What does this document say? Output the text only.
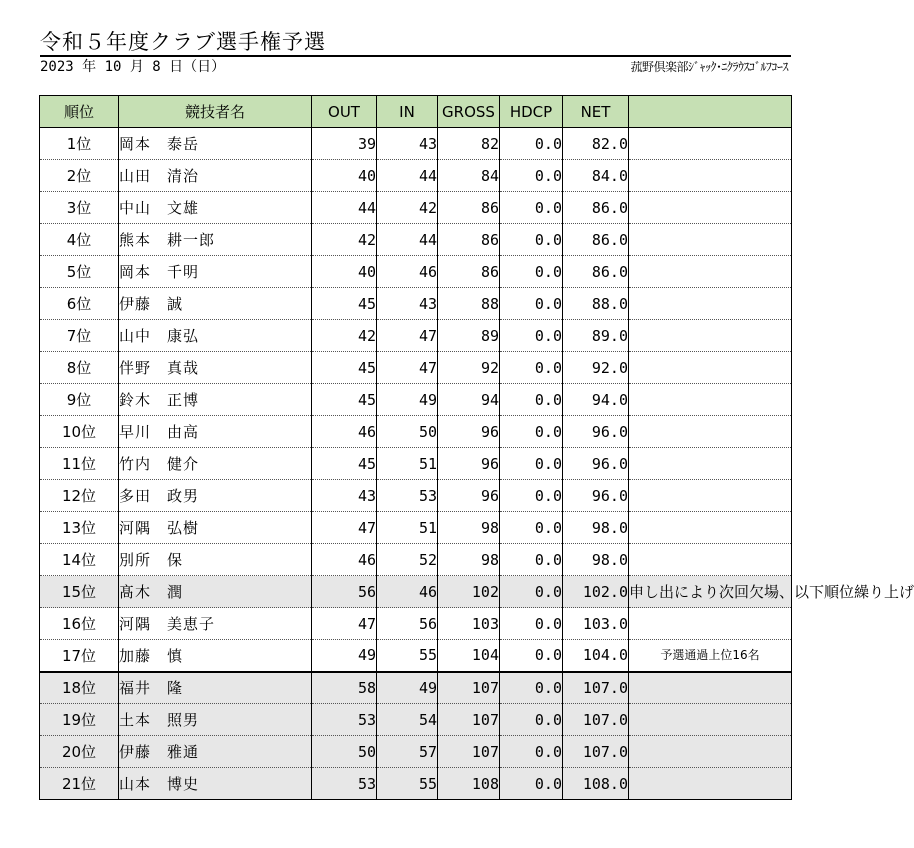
令和５年度クラブ選手権予選
2023 年 10 月 8 日（日）	菰野倶楽部ｼﾞｬｯｸ･ﾆｸﾗｳｽｺﾞﾙﾌｺｰｽ
順位	競技者名	OUT	IN	GROSS	HDCP	NET	
1位	岡本　泰岳	39	43	82	0.0	82.0	
2位	山田　清治	40	44	84	0.0	84.0	
3位	中山　文雄	44	42	86	0.0	86.0	
4位	熊本　耕一郎	42	44	86	0.0	86.0	
5位	岡本　千明	40	46	86	0.0	86.0	
6位	伊藤　誠	45	43	88	0.0	88.0	
7位	山中　康弘	42	47	89	0.0	89.0	
8位	伴野　真哉	45	47	92	0.0	92.0	
9位	鈴木　正博	45	49	94	0.0	94.0	
10位	早川　由高	46	50	96	0.0	96.0	
11位	竹内　健介	45	51	96	0.0	96.0	
12位	多田　政男	43	53	96	0.0	96.0	
13位	河隅　弘樹	47	51	98	0.0	98.0	
14位	別所　保	46	52	98	0.0	98.0	
15位	髙木　潤	56	46	102	0.0	102.0	申し出により次回欠場、以下順位繰り上げ
16位	河隅　美恵子	47	56	103	0.0	103.0	
17位	加藤　慎	49	55	104	0.0	104.0	予選通過上位16名
18位	福井　隆	58	49	107	0.0	107.0	
19位	土本　照男	53	54	107	0.0	107.0	
20位	伊藤　雅通	50	57	107	0.0	107.0	
21位	山本　博史	53	55	108	0.0	108.0	
